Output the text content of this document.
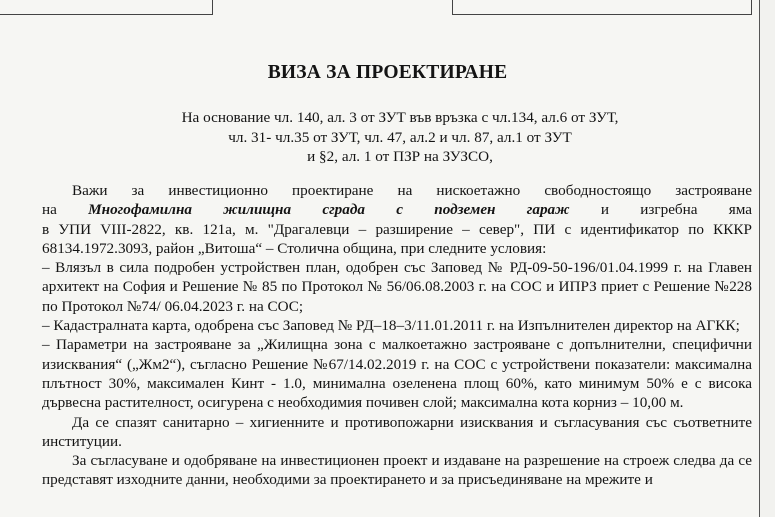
ВИЗА ЗА ПРОЕКТИРАНЕ
На основание чл. 140, ал. 3 от ЗУТ във връзка с чл.134, ал.6 от ЗУТ,
чл. 31- чл.35 от ЗУТ, чл. 47, ал.2 и чл. 87, ал.1 от ЗУТ
и §2, ал. 1 от ПЗР на ЗУЗСО,
Важи за инвестиционно проектиране на нискоетажно свободностоящо застрояване
на Многофамилна жилищна сграда с подземен гараж и изгребна яма
в УПИ VIII-2822, кв. 121а, м. "Драгалевци – разширение – север", ПИ с идентификатор по КККР 68134.1972.3093, район „Витоша“ – Столична община, при следните условия:
– Влязъл в сила подробен устройствен план, одобрен със Заповед № РД-09-50-196/01.04.1999 г. на Главен архитект на София и Решение № 85 по Протокол № 56/06.08.2003 г. на СОС и ИПРЗ приет с Решение №228 по Протокол №74/ 06.04.2023 г. на СОС;
– Кадастралната карта, одобрена със Заповед № РД–18–3/11.01.2011 г. на Изпълнителен директор на АГКК;
– Параметри на застрояване за „Жилищна зона с малкоетажно застрояване с допълнителни, специфични изисквания“ („Жм2“), съгласно Решение №67/14.02.2019 г. на СОС с устройствени показатели: максимална плътност 30%, максимален Кинт - 1.0, минимална озеленена площ 60%, като минимум 50% е с висока дървесна растителност, осигурена с необходимия почивен слой; максимална кота корниз – 10,00 м.
Да се спазят санитарно – хигиенните и противопожарни изисквания и съгласувания със съответните институции.
За съгласуване и одобряване на инвестиционен проект и издаване на разрешение на строеж следва да се представят изходните данни, необходими за проектирането и за присъединяване на мрежите и
